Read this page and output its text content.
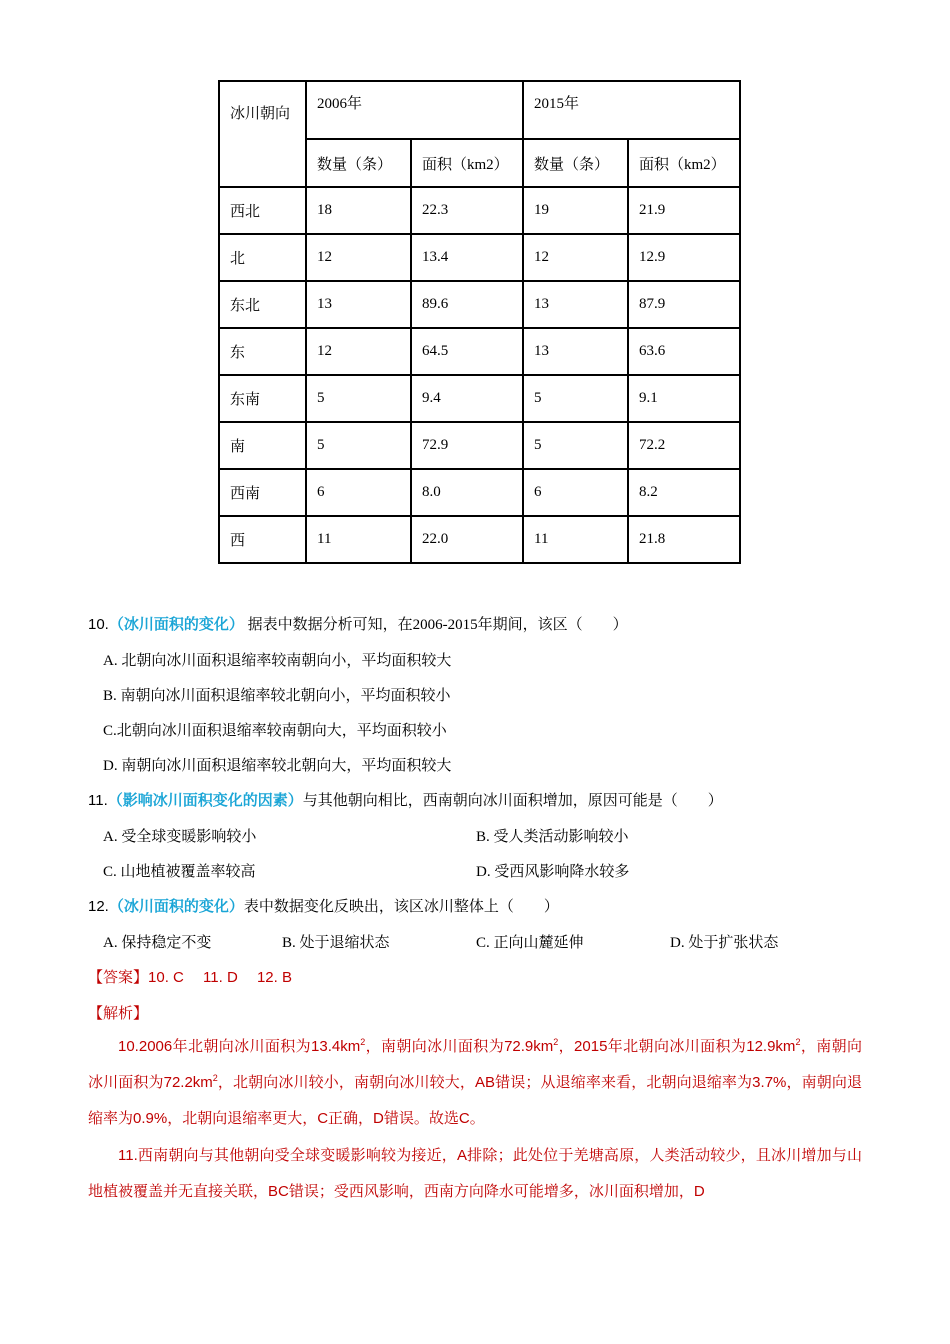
冰川朝向	2006年		2015年	
	数量（条）	面积（km2）	数量（条）	面积（km2）
西北	18	22.3	19	21.9
北	12	13.4	12	12.9
东北	13	89.6	13	87.9
东	12	64.5	13	63.6
东南	5	9.4	5	9.1
南	5	72.9	5	72.2
西南	6	8.0	6	8.2
西	11	22.0	11	21.8
10.（冰川面积的变化） 据表中数据分析可知，在2006-2015年期间，该区（　　）
A. 北朝向冰川面积退缩率较南朝向小，平均面积较大
B. 南朝向冰川面积退缩率较北朝向小，平均面积较小
C.北朝向冰川面积退缩率较南朝向大，平均面积较小
D. 南朝向冰川面积退缩率较北朝向大，平均面积较大
11.（影响冰川面积变化的因素）与其他朝向相比，西南朝向冰川面积增加，原因可能是（　　）
A. 受全球变暖影响较小	B. 受人类活动影响较小
C. 山地植被覆盖率较高	D. 受西风影响降水较多
12.（冰川面积的变化）表中数据变化反映出，该区冰川整体上（　　）
A. 保持稳定不变	B. 处于退缩状态	C. 正向山麓延伸	D. 处于扩张状态
【答案】10. C　 11. D　 12. B
【解析】
10.2006年北朝向冰川面积为$13.4km^2$，南朝向冰川面积为$72.9km^2$，2015年北朝向冰川面积为$12.9km^2$，南朝向冰川面积为$72.2km^2$，北朝向冰川较小，南朝向冰川较大，AB错误；从退缩率来看，北朝向退缩率为3.7%，南朝向退缩率为0.9%，北朝向退缩率更大，C正确，D错误。故选C。
11.西南朝向与其他朝向受全球变暖影响较为接近，A排除；此处位于羌塘高原，人类活动较少，且冰川增加与山地植被覆盖并无直接关联，BC错误；受西风影响，西南方向降水可能增多，冰川面积增加，D
